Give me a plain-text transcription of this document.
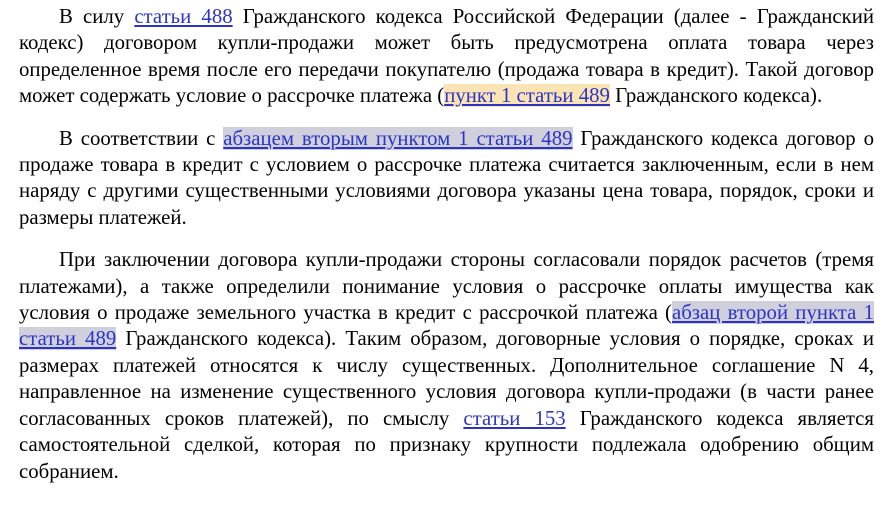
В силу статьи 488 Гражданского кодекса Российской Федерации (далее - Гражданский кодекс) договором купли-продажи может быть предусмотрена оплата товара через определенное время после его передачи покупателю (продажа товара в кредит). Такой договор может содержать условие о рассрочке платежа (пункт 1 статьи 489 Гражданского кодекса).

В соответствии с абзацем вторым пунктом 1 статьи 489 Гражданского кодекса договор о продаже товара в кредит с условием о рассрочке платежа считается заключенным, если в нем наряду с другими существенными условиями договора указаны цена товара, порядок, сроки и размеры платежей.

При заключении договора купли-продажи стороны согласовали порядок расчетов (тремя платежами), а также определили понимание условия о рассрочке оплаты имущества как условия о продаже земельного участка в кредит с рассрочкой платежа (абзац второй пункта 1 статьи 489 Гражданского кодекса). Таким образом, договорные условия о порядке, сроках и размерах платежей относятся к числу существенных. Дополнительное соглашение N 4, направленное на изменение существенного условия договора купли-продажи (в части ранее согласованных сроков платежей), по смыслу статьи 153 Гражданского кодекса является самостоятельной сделкой, которая по признаку крупности подлежала одобрению общим собранием.
